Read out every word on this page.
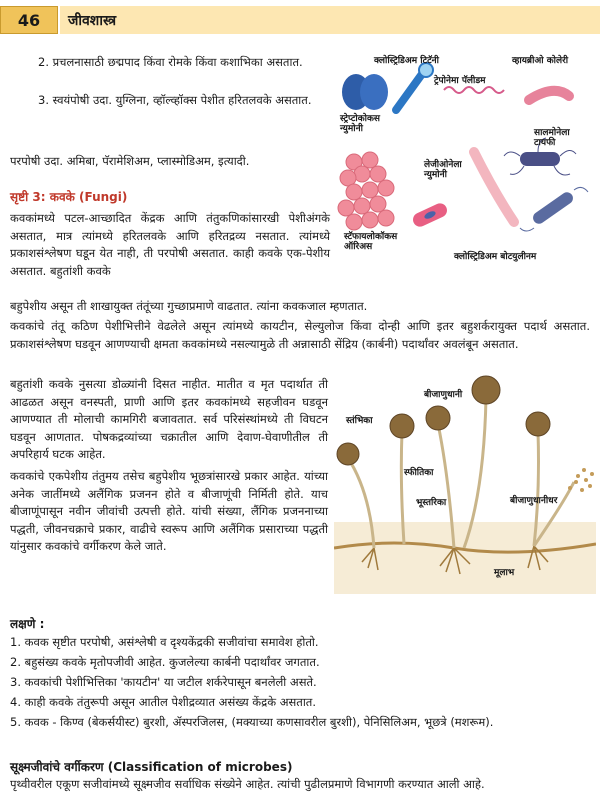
46	जीवशास्त्र

2. प्रचलनासाठी छद्मपाद किंवा रोमके किंवा कशाभिका असतात.

3. स्वयंपोषी उदा. युग्लिना, व्हॉल्व्हॉक्स पेशीत हरितलवके असतात.

परपोषी उदा. अमिबा, पॅरामेशिअम, प्लास्मोडिअम, इत्यादी.

क्लोस्ट्रिडिअम टिटॅनी	व्हायब्रीओ कोलेरी
ट्रेपोनेमा पॅलीडम
स्ट्रेप्टोकोकस न्युमोनी	सालमोनेला टायफी
लेजीओनेला न्युमोनी
स्टॅफायलोकॉकस ऑरिअस
क्लोस्ट्रिडिअम बोटयुलीनम
सृष्टी 3: कवके (Fungi)

कवकांमध्ये पटल-आच्छादित केंद्रक आणि तंतुकणिकांसारखी पेशीअंगके असतात, मात्र त्यांमध्ये हरितलवके आणि हरितद्रव्य नसतात. त्यांमध्ये प्रकाशसंश्लेषण घडून येत नाही, ती परपोषी असतात. काही कवके एक-पेशीय असतात. बहुतांशी कवके

बहुपेशीय असून ती शाखायुक्त तंतूंच्या गुच्छाप्रमाणे वाढतात. त्यांना कवकजाल म्हणतात.

कवकांचे तंतू कठिण पेशीभित्तीने वेढलेले असून त्यांमध्ये कायटीन, सेल्युलोज किंवा दोन्ही आणि इतर बहुशर्करायुक्त पदार्थ असतात. प्रकाशसंश्लेषण घडवून आणण्याची क्षमता कवकांमध्ये नसल्यामुळे ती अन्नासाठी सेंद्रिय (कार्बनी) पदार्थांवर अवलंबून असतात.

बहुतांशी कवके नुसत्या डोळ्यांनी दिसत नाहीत. मातीत व मृत पदार्थात ती आढळत असून वनस्पती, प्राणी आणि इतर कवकांमध्ये सहजीवन घडवून आणण्यात ती मोलाची कामगिरी बजावतात. सर्व परिसंस्थांमध्ये ती विघटन घडवून आणतात. पोषकद्रव्यांच्या चक्रातील आणि देवाण-घेवाणीतील ती अपरिहार्य घटक आहेत.

कवकांचे एकपेशीय तंतुमय तसेच बहुपेशीय भूछत्रांसारखे प्रकार आहेत. यांच्या अनेक जातींमध्ये अलैंगिक प्रजनन होते व बीजाणूंची निर्मिती होते. याच बीजाणूंपासून नवीन जीवांची उत्पत्ती होते. यांची संख्या, लैंगिक प्रजननाच्या पद्धती, जीवनचक्राचे प्रकार, वाढीचे स्वरूप आणि अलैंगिक प्रसाराच्या पद्धती यांनुसार कवकांचे वर्गीकरण केले जाते.

बीजाणुधानी
स्तंभिका
स्फीतिका
भूस्तरिका	बीजाणुधानीधर
मूलाभ
लक्षणे :

1. कवक सृष्टीत परपोषी, असंश्लेषी व दृश्यकेंद्रकी सजीवांचा समावेश होतो.

2. बहुसंख्य कवके मृतोपजीवी आहेत. कुजलेल्या कार्बनी पदार्थांवर जगतात.

3. कवकांची पेशीभित्तिका 'कायटीन' या जटील शर्करेपासून बनलेली असते.

4. काही कवके तंतुरूपी असून आतील पेशीद्रव्यात असंख्य केंद्रके असतात.

5. कवक - किण्व (बेकर्सयीस्ट) बुरशी, ॲस्परजिलस, (मक्याच्या कणसावरील बुरशी), पेनिसिलिअम, भूछत्रे (मशरूम).

सूक्ष्मजीवांचे वर्गीकरण (Classification of microbes)

पृथ्वीवरील एकूण सजीवांमध्ये सूक्ष्मजीव सर्वाधिक संख्येने आहेत. त्यांची पुढीलप्रमाणे विभागणी करण्यात आली आहे.
